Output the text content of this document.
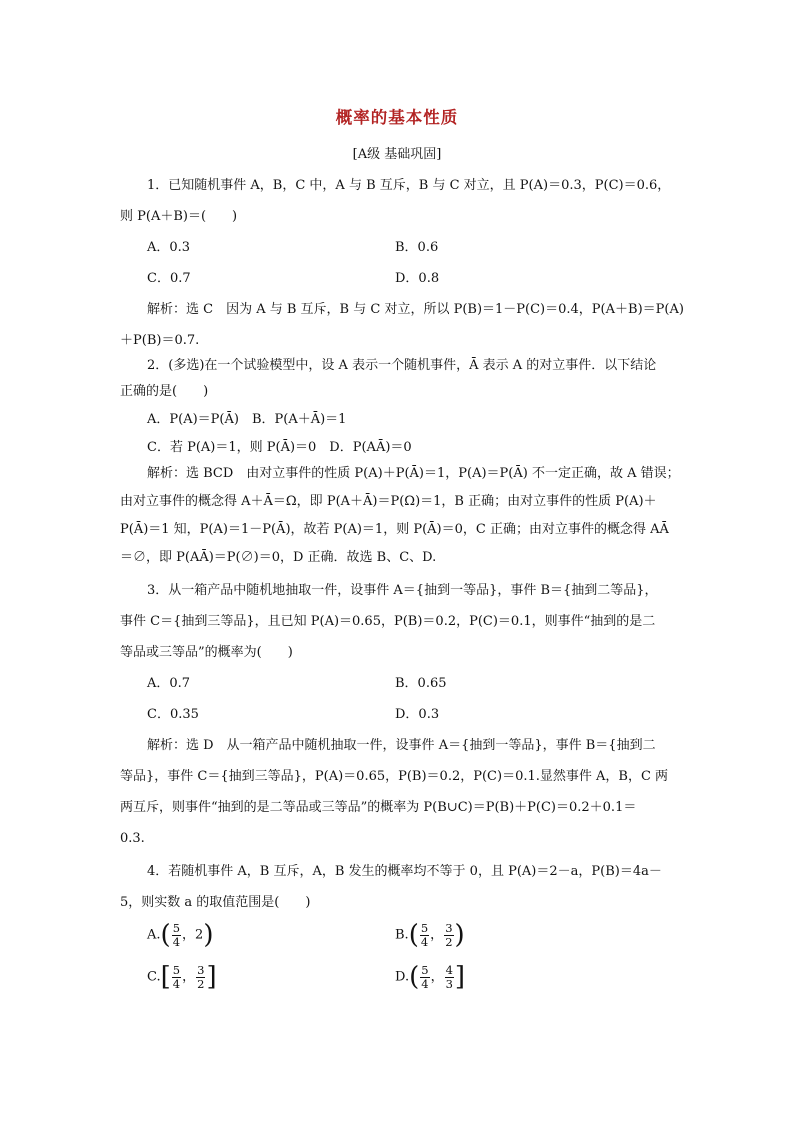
概率的基本性质
[A级 基础巩固]
1．已知随机事件 A，B，C 中，A 与 B 互斥，B 与 C 对立，且 P(A)＝0.3，P(C)＝0.6，
则 P(A＋B)＝(　　)
A．0.3	B．0.6
C．0.7	D．0.8
解析：选 C　因为 A 与 B 互斥，B 与 C 对立，所以 P(B)＝1－P(C)＝0.4，P(A＋B)＝P(A)
＋P(B)＝0.7.
2．(多选)在一个试验模型中，设 A 表示一个随机事件，Ā 表示 A 的对立事件．以下结论
正确的是(　　)
A．P(A)＝P(Ā)　B．P(A＋Ā)＝1
C．若 P(A)＝1，则 P(Ā)＝0　D．P(AĀ)＝0
解析：选 BCD　由对立事件的性质 P(A)＋P(Ā)＝1，P(A)＝P(Ā) 不一定正确，故 A 错误；
由对立事件的概念得 A＋Ā＝Ω，即 P(A＋Ā)＝P(Ω)＝1，B 正确；由对立事件的性质 P(A)＋
P(Ā)＝1 知，P(A)＝1－P(Ā)，故若 P(A)＝1，则 P(Ā)＝0，C 正确；由对立事件的概念得 AĀ
＝∅，即 P(AĀ)＝P(∅)＝0，D 正确．故选 B、C、D.
3．从一箱产品中随机地抽取一件，设事件 A＝{抽到一等品}，事件 B＝{抽到二等品}，
事件 C＝{抽到三等品}，且已知 P(A)＝0.65，P(B)＝0.2，P(C)＝0.1，则事件“抽到的是二
等品或三等品”的概率为(　　)
A．0.7	B．0.65
C．0.35	D．0.3
解析：选 D　从一箱产品中随机抽取一件，设事件 A＝{抽到一等品}，事件 B＝{抽到二
等品}，事件 C＝{抽到三等品}，P(A)＝0.65，P(B)＝0.2，P(C)＝0.1.显然事件 A，B，C 两
两互斥，则事件“抽到的是二等品或三等品”的概率为 P(B∪C)＝P(B)＋P(C)＝0.2＋0.1＝
0.3.
4．若随机事件 A，B 互斥，A，B 发生的概率均不等于 0，且 P(A)＝2－a，P(B)＝4a－
5，则实数 a 的取值范围是(　　)
$A.( \frac{5}{4}$ ，2)	$B.( \frac{5}{4}$ ， $\frac{3}{2}$ )
$C.[ \frac{5}{4}$ ， $\frac{3}{2}$ ]	$D.( \frac{5}{4}$ ， $\frac{4}{3}$ ]
